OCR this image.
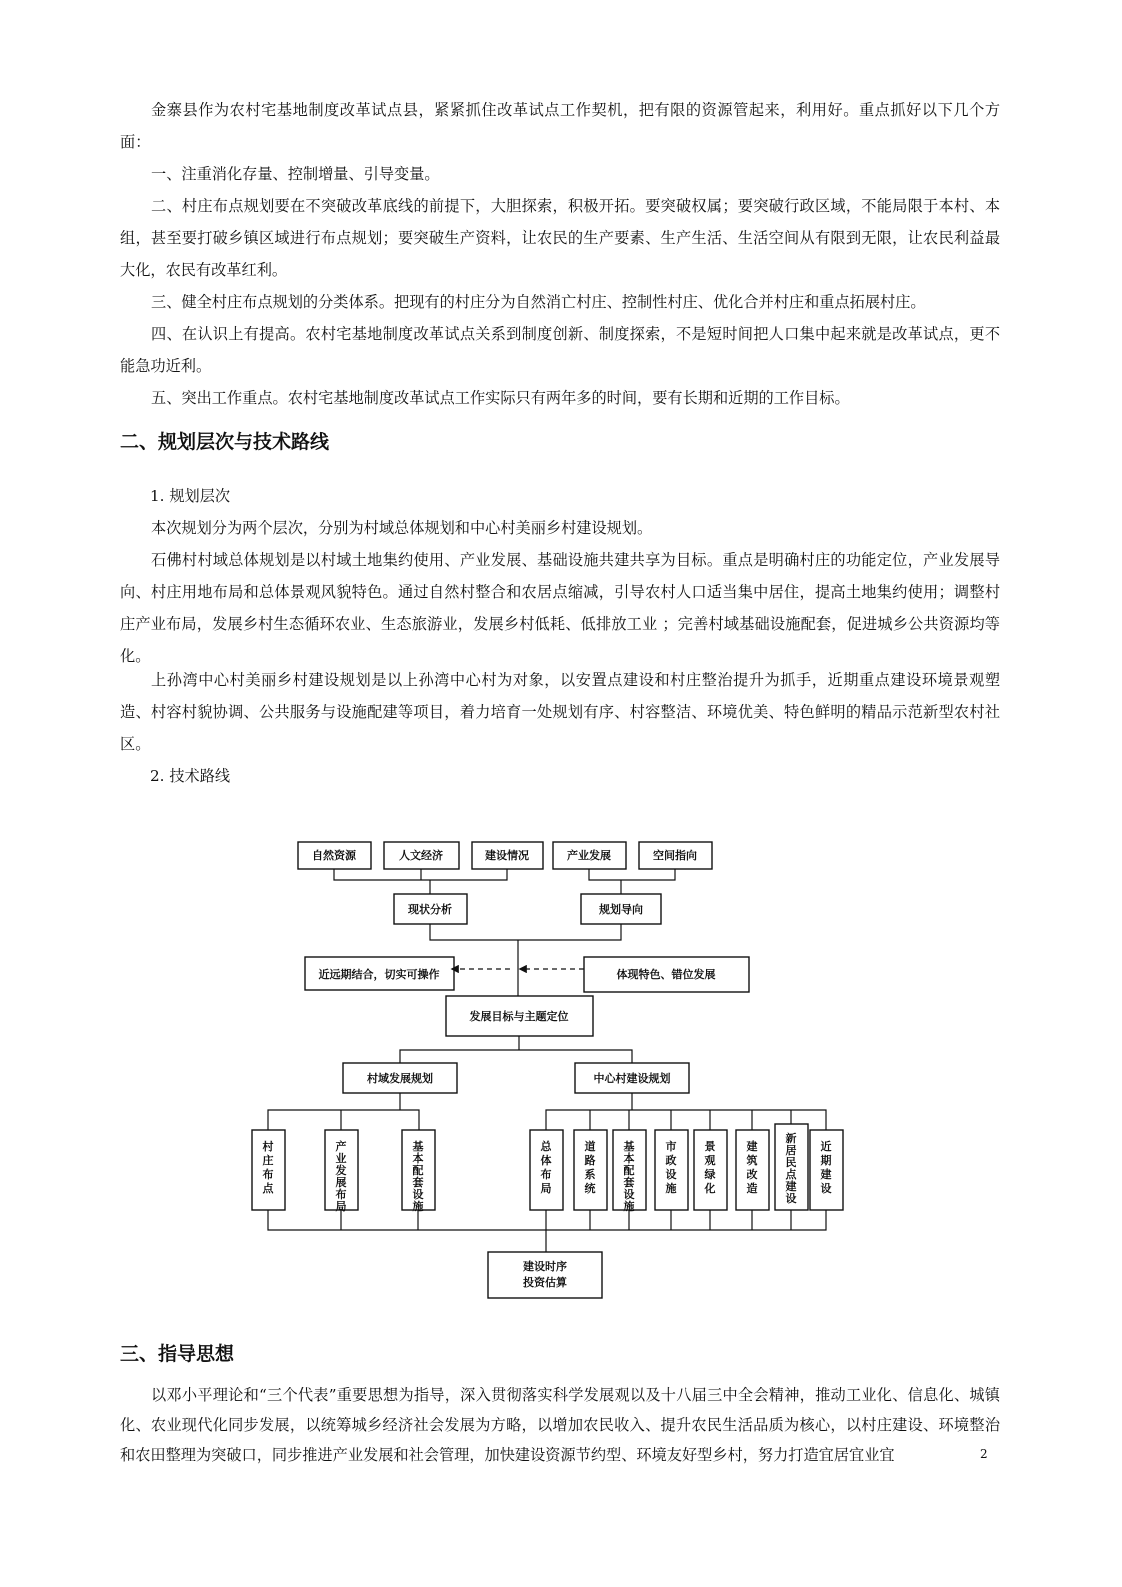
金寨县作为农村宅基地制度改革试点县，紧紧抓住改革试点工作契机，把有限的资源管起来，利用好。重点抓好以下几个方面：

一、注重消化存量、控制增量、引导变量。

二、村庄布点规划要在不突破改革底线的前提下，大胆探索，积极开拓。要突破权属；要突破行政区域，不能局限于本村、本组，甚至要打破乡镇区域进行布点规划；要突破生产资料，让农民的生产要素、生产生活、生活空间从有限到无限，让农民利益最大化，农民有改革红利。

三、健全村庄布点规划的分类体系。把现有的村庄分为自然消亡村庄、控制性村庄、优化合并村庄和重点拓展村庄。

四、在认识上有提高。农村宅基地制度改革试点关系到制度创新、制度探索，不是短时间把人口集中起来就是改革试点，更不能急功近利。

五、突出工作重点。农村宅基地制度改革试点工作实际只有两年多的时间，要有长期和近期的工作目标。

二、规划层次与技术路线

1. 规划层次

本次规划分为两个层次，分别为村域总体规划和中心村美丽乡村建设规划。

石佛村村域总体规划是以村域土地集约使用、产业发展、基础设施共建共享为目标。重点是明确村庄的功能定位，产业发展导向、村庄用地布局和总体景观风貌特色。通过自然村整合和农居点缩减，引导农村人口适当集中居住，提高土地集约使用；调整村庄产业布局，发展乡村生态循环农业、生态旅游业，发展乡村低耗、低排放工业 ；完善村域基础设施配套，促进城乡公共资源均等化。

上孙湾中心村美丽乡村建设规划是以上孙湾中心村为对象，以安置点建设和村庄整治提升为抓手，近期重点建设环境景观塑造、村容村貌协调、公共服务与设施配建等项目，着力培育一处规划有序、村容整洁、环境优美、特色鲜明的精品示范新型农村社区。

2. 技术路线

自然资源	人文经济	建设情况	产业发展	空间指向
现状分析	规划导向
近远期结合，切实可操作	体现特色、错位发展
发展目标与主题定位
村域发展规划	中心村建设规划
村庄布点
产业发展布局
基本配套设施
总体布局
道路系统
基本配套设施
市政设施
景观绿化
建筑改造
新居民点建设
近期建设
建设时序
投资估算
三、指导思想

以邓小平理论和“三个代表”重要思想为指导，深入贯彻落实科学发展观以及十八届三中全会精神，推动工业化、信息化、城镇化、农业现代化同步发展，以统筹城乡经济社会发展为方略，以增加农民收入、提升农民生活品质为核心，以村庄建设、环境整治和农田整理为突破口，同步推进产业发展和社会管理，加快建设资源节约型、环境友好型乡村，努力打造宜居宜业宜	2
